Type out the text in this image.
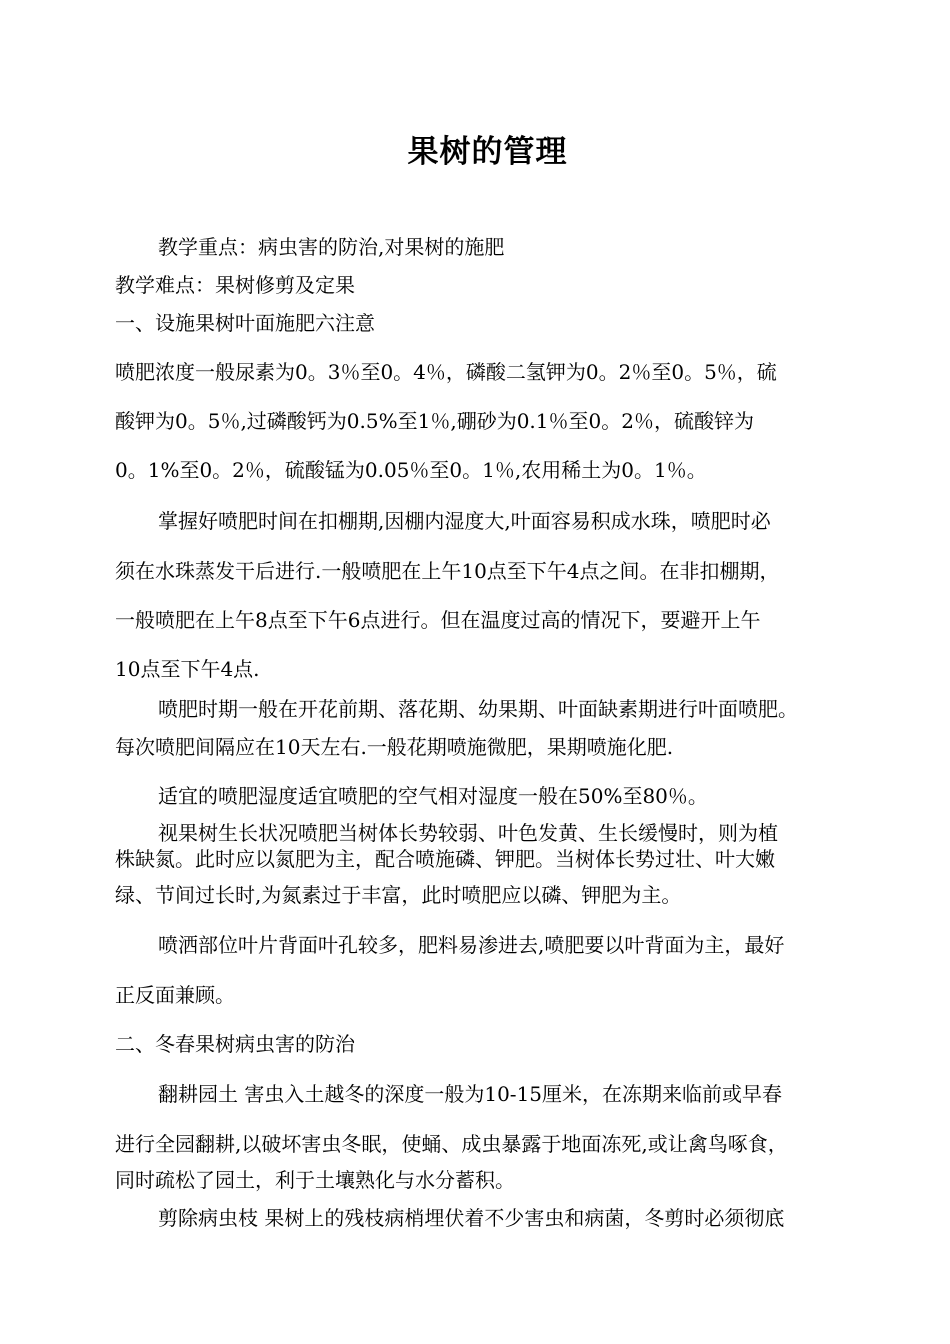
果树的管理

教学重点：病虫害的防治,对果树的施肥

教学难点：果树修剪及定果

一、设施果树叶面施肥六注意

喷肥浓度一般尿素为0。3％至0。4％，磷酸二氢钾为0。2％至0。5％，硫

酸钾为0。5％,过磷酸钙为0.5%至1％,硼砂为0.1％至0。2％，硫酸锌为

0。1%至0。2％，硫酸锰为0.05％至0。1％,农用稀土为0。1％。

掌握好喷肥时间在扣棚期,因棚内湿度大,叶面容易积成水珠，喷肥时必

须在水珠蒸发干后进行.一般喷肥在上午10点至下午4点之间。在非扣棚期，

一般喷肥在上午8点至下午6点进行。但在温度过高的情况下，要避开上午

10点至下午4点.

喷肥时期一般在开花前期、落花期、幼果期、叶面缺素期进行叶面喷肥。

每次喷肥间隔应在10天左右.一般花期喷施微肥，果期喷施化肥.

适宜的喷肥湿度适宜喷肥的空气相对湿度一般在50%至80％。

视果树生长状况喷肥当树体长势较弱、叶色发黄、生长缓慢时，则为植

株缺氮。此时应以氮肥为主，配合喷施磷、钾肥。当树体长势过壮、叶大嫩

绿、节间过长时,为氮素过于丰富，此时喷肥应以磷、钾肥为主。

喷洒部位叶片背面叶孔较多，肥料易渗进去,喷肥要以叶背面为主，最好

正反面兼顾。

二、冬春果树病虫害的防治

翻耕园土 害虫入土越冬的深度一般为10-15厘米，在冻期来临前或早春

进行全园翻耕,以破坏害虫冬眠，使蛹、成虫暴露于地面冻死,或让禽鸟啄食，

同时疏松了园土，利于土壤熟化与水分蓄积。

剪除病虫枝 果树上的残枝病梢埋伏着不少害虫和病菌，冬剪时必须彻底
